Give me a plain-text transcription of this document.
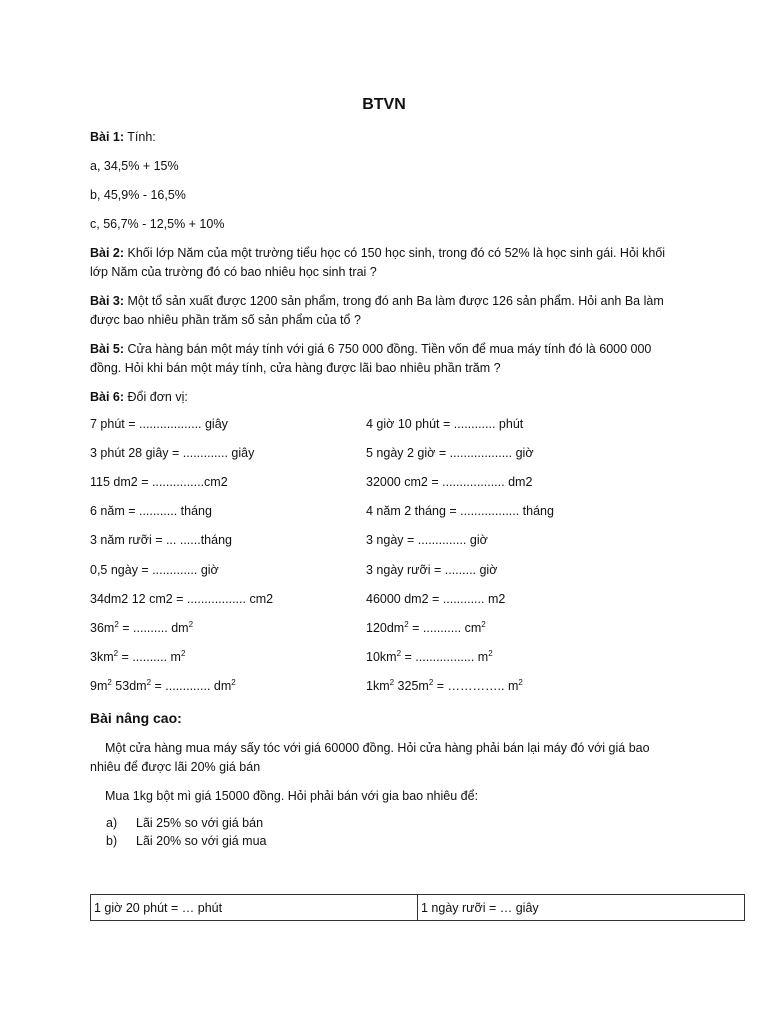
BTVN
Bài 1: Tính:
a, 34,5% + 15%
b, 45,9% - 16,5%
c, 56,7% - 12,5% + 10%
Bài 2: Khối lớp Năm của một trường tiểu học có 150 học sinh, trong đó có 52% là học sinh gái. Hỏi khối
lớp Năm của trường đó có bao nhiêu học sinh trai ?
Bài 3: Một tổ sản xuất được 1200 sản phẩm, trong đó anh Ba làm được 126 sản phẩm. Hỏi anh Ba làm
được bao nhiêu phần trăm số sản phẩm của tổ ?
Bài 5: Cửa hàng bán một máy tính với giá 6 750 000 đồng. Tiền vốn để mua máy tính đó là 6000 000
đồng. Hỏi khi bán một máy tính, cửa hàng được lãi bao nhiêu phần trăm ?
Bài 6: Đổi đơn vị:
7 phút = .................. giây	4 giờ 10 phút = ............ phút
3 phút 28 giây = ............. giây	5 ngày 2 giờ = .................. giờ
115 dm2 = ...............cm2	32000 cm2 = .................. dm2
6 năm = ........... tháng	4 năm 2 tháng = ................. tháng
3 năm rưỡi = ... ......tháng	3 ngày = .............. giờ
0,5 ngày = ............. giờ	3 ngày rưỡi = ......... giờ
34dm2 12 cm2 = ................. cm2	46000 dm2 = ............ m2
$36m^2$ = .......... $dm^2$	$120dm^2$ = ........... $cm^2$
$3km^2$ = .......... $m^2$	$10km^2$ = ................. $m^2$
$9m^2$ $53dm^2$ = ............. $dm^2$	$1km^2$ $325m^2$ = ………….. $m^2$
Bài nâng cao:
Một cửa hàng mua máy sấy tóc với giá 60000 đồng. Hỏi cửa hàng phải bán lại máy đó với giá bao
nhiêu để được lãi 20% giá bán
Mua 1kg bột mì giá 15000 đồng. Hỏi phải bán với gia bao nhiêu để:
a) Lãi 25% so với giá bán
b) Lãi 20% so với giá mua
1 giờ 20 phút = … phút	1 ngày rưỡi = … giây
